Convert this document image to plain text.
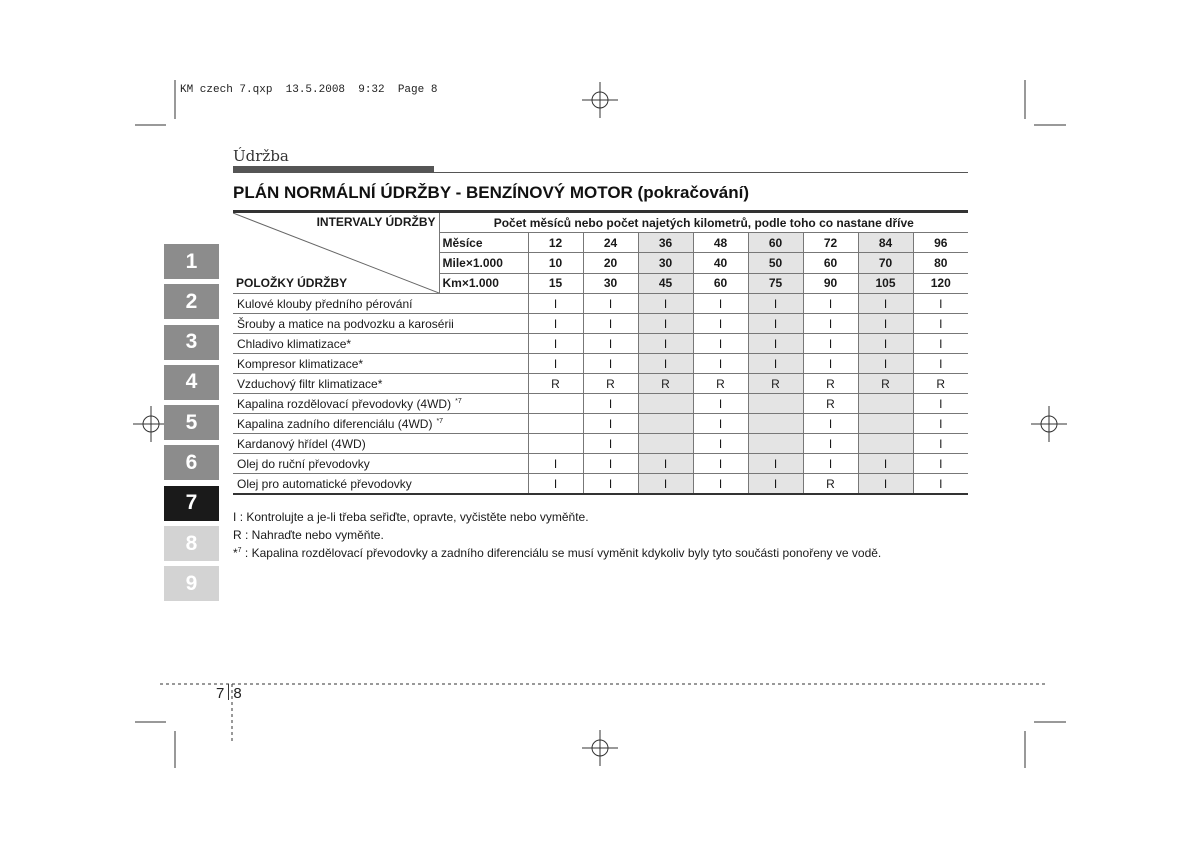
KM czech 7.qxp  13.5.2008  9:32  Page 8
Údržba
PLÁN NORMÁLNÍ ÚDRŽBY - BENZÍNOVÝ MOTOR (pokračování)
1
2
3
4
5
6
7
8
9
INTERVALY ÚDRŽBY
POLOŽKY ÚDRŽBY	Počet měsíců nebo počet najetých kilometrů, podle toho co nastane dříve								
	Měsíce	12	24	36	48	60	72	84	96
	Mile×1.000	10	20	30	40	50	60	70	80
	Km×1.000	15	30	45	60	75	90	105	120
Kulové klouby předního pérování		I	I	I	I	I	I	I	I
Šrouby a matice na podvozku a karosérii		I	I	I	I	I	I	I	I
Chladivo klimatizace*		I	I	I	I	I	I	I	I
Kompresor klimatizace*		I	I	I	I	I	I	I	I
Vzduchový filtr klimatizace*		R	R	R	R	R	R	R	R
Kapalina rozdělovací převodovky (4WD) $^{*7}$			I		I		R		I
Kapalina zadního diferenciálu (4WD) $^{*7}$			I		I		I		I
Kardanový hřídel (4WD)			I		I		I		I
Olej do ruční převodovky		I	I	I	I	I	I	I	I
Olej pro automatické převodovky		I	I	I	I	I	R	I	I
I : Kontrolujte a je-li třeba seřiďte, opravte, vyčistěte nebo vyměňte.
R : Nahraďte nebo vyměňte.
*$^7$ : Kapalina rozdělovací převodovky a zadního diferenciálu se musí vyměnit kdykoliv byly tyto součásti ponořeny ve vodě.
7 8
